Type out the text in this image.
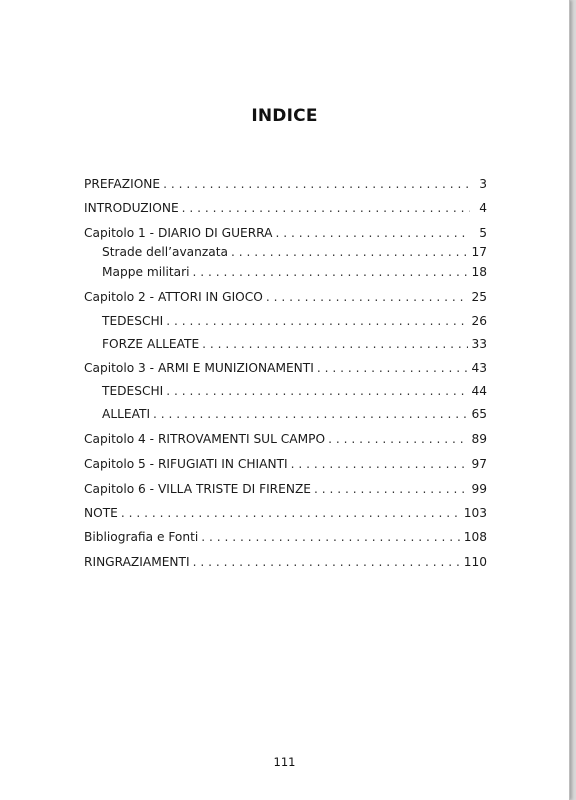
INDICE
PREFAZIONE . . .	3
INTRODUZIONE . . .	4
Capitolo 1 - DIARIO DI GUERRA . . .	5
Strade dell’avanzata . . .	17
Mappe militari . . .	18
Capitolo 2 - ATTORI IN GIOCO . . .	25
TEDESCHI . . .	26
FORZE ALLEATE . . .	33
Capitolo 3 - ARMI E MUNIZIONAMENTI . . .	43
TEDESCHI . . .	44
ALLEATI . . .	65
Capitolo 4 - RITROVAMENTI SUL CAMPO . . .	89
Capitolo 5 - RIFUGIATI IN CHIANTI . . .	97
Capitolo 6 - VILLA TRISTE DI FIRENZE . . .	99
NOTE . . .	103
Bibliografia e Fonti . . .	108
RINGRAZIAMENTI . . .	110
111
